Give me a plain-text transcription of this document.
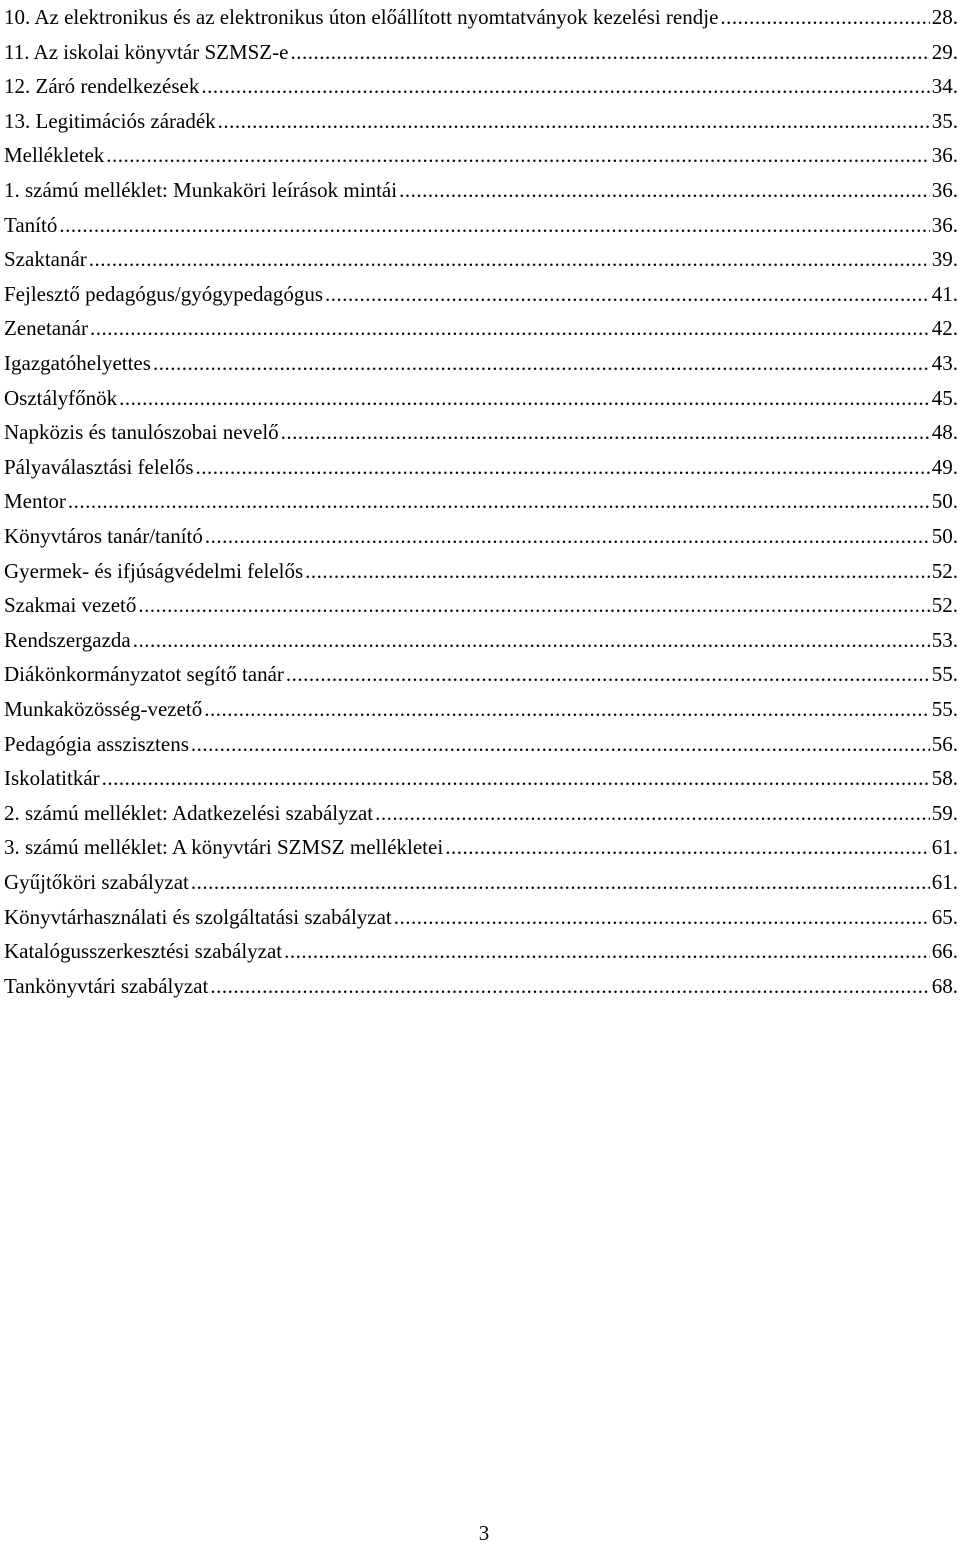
10. Az elektronikus és az elektronikus úton előállított nyomtatványok kezelési rendje .....	28.
11. Az iskolai könyvtár SZMSZ-e .....	29.
12. Záró rendelkezések .....	34.
13. Legitimációs záradék .....	35.
Mellékletek .....	36.
1. számú melléklet: Munkaköri leírások mintái .....	36.
Tanító .....	36.
Szaktanár .....	39.
Fejlesztő pedagógus/gyógypedagógus .....	41.
Zenetanár .....	42.
Igazgatóhelyettes .....	43.
Osztályfőnök .....	45.
Napközis és tanulószobai nevelő .....	48.
Pályaválasztási felelős .....	49.
Mentor .....	50.
Könyvtáros tanár/tanító .....	50.
Gyermek- és ifjúságvédelmi felelős .....	52.
Szakmai vezető .....	52.
Rendszergazda .....	53.
Diákönkormányzatot segítő tanár .....	55.
Munkaközösség-vezető .....	55.
Pedagógia asszisztens .....	56.
Iskolatitkár .....	58.
2. számú melléklet: Adatkezelési szabályzat .....	59.
3. számú melléklet: A könyvtári SZMSZ mellékletei .....	61.
Gyűjtőköri szabályzat .....	61.
Könyvtárhasználati és szolgáltatási szabályzat .....	65.
Katalógusszerkesztési szabályzat .....	66.
Tankönyvtári szabályzat .....	68.
3
